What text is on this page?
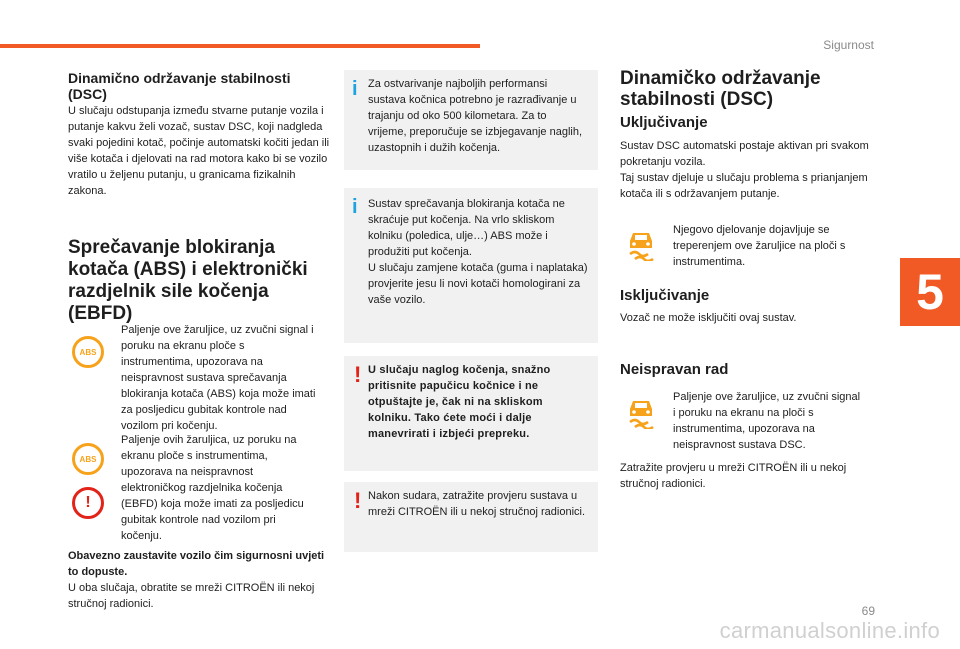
Sigurnost
5
Dinamično održavanje stabilnosti (DSC)

U slučaju odstupanja između stvarne putanje vozila i putanje kakvu želi vozač, sustav DSC, koji nadgleda svaki pojedini kotač, počinje automatski kočiti jedan ili više kotača i djelovati na rad motora kako bi se vozilo vratilo u željenu putanju, u granicama fizikalnih zakona.

Sprečavanje blokiranja kotača (ABS) i elektronički razdjelnik sile kočenja (EBFD)
ABS

Paljenje ove žaruljice, uz zvučni signal i poruku na ekranu ploče s instrumentima, upozorava na neispravnost sustava sprečavanja blokiranja kotača (ABS) koja može imati za posljedicu gubitak kontrole nad vozilom pri kočenju.

ABS
!

Paljenje ovih žaruljica, uz poruku na ekranu ploče s instrumentima, upozorava na neispravnost elektroničkog razdjelnika kočenja (EBFD) koja može imati za posljedicu gubitak kontrole nad vozilom pri kočenju.

Obavezno zaustavite vozilo čim sigurnosni uvjeti to dopuste.

U oba slučaja, obratite se mreži CITROËN ili nekoj stručnoj radionici.

i Za ostvarivanje najboljih performansi sustava kočnica potrebno je razrađivanje u trajanju od oko 500 kilometara. Za to vrijeme, preporučuje se izbjegavanje naglih, uzastopnih i dužih kočenja.

i Sustav sprečavanja blokiranja kotača ne skraćuje put kočenja. Na vrlo skliskom kolniku (poledica, ulje…) ABS može i produžiti put kočenja.
U slučaju zamjene kotača (guma i naplataka) provjerite jesu li novi kotači homologirani za vaše vozilo.

! U slučaju naglog kočenja, snažno pritisnite papučicu kočnice i ne otpuštajte je, čak ni na skliskom kolniku. Tako ćete moći i dalje manevrirati i izbjeći prepreku.

! Nakon sudara, zatražite provjeru sustava u mreži CITROËN ili u nekoj stručnoj radionici.

Dinamičko održavanje stabilnosti (DSC)
Uključivanje

Sustav DSC automatski postaje aktivan pri svakom pokretanju vozila.
Taj sustav djeluje u slučaju problema s prianjanjem kotača ili s održavanjem putanje.

Njegovo djelovanje dojavljuje se treperenjem ove žaruljice na ploči s instrumentima.

Isključivanje

Vozač ne može isključiti ovaj sustav.

Neispravan rad

Paljenje ove žaruljice, uz zvučni signal i poruku na ekranu na ploči s instrumentima, upozorava na neispravnost sustava DSC.

Zatražite provjeru u mreži CITROËN ili u nekoj stručnoj radionici.

69
carmanualsonline.info
